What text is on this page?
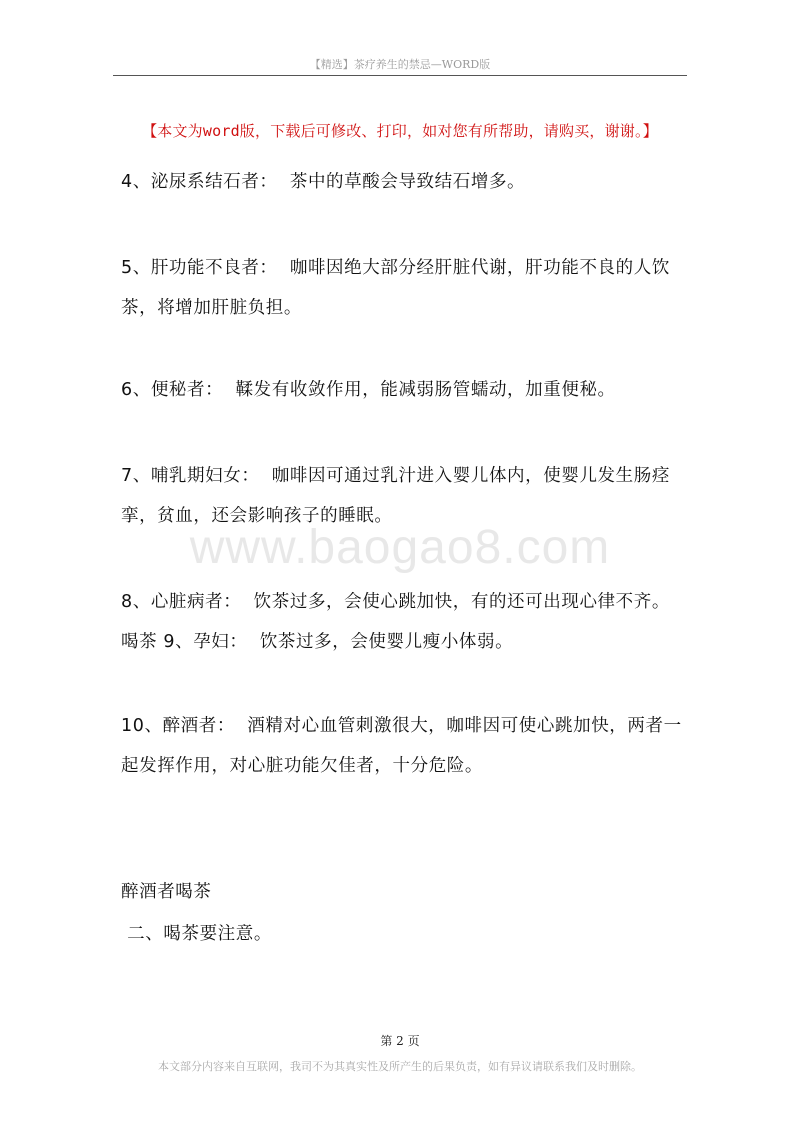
【精选】茶疗养生的禁忌—WORD版
【本文为word版，下载后可修改、打印，如对您有所帮助，请购买，谢谢。】
4、泌尿系结石者：  茶中的草酸会导致结石增多。
5、肝功能不良者：  咖啡因绝大部分经肝脏代谢，肝功能不良的人饮茶，将增加肝脏负担。
6、便秘者：  鞣发有收敛作用，能减弱肠管蠕动，加重便秘。
7、哺乳期妇女：  咖啡因可通过乳汁进入婴儿体内，使婴儿发生肠痉挛，贫血，还会影响孩子的睡眠。
www.baogao8.com
8、心脏病者：  饮茶过多，会使心跳加快，有的还可出现心律不齐。喝茶 9、孕妇：  饮茶过多，会使婴儿瘦小体弱。
10、醉酒者：  酒精对心血管刺激很大，咖啡因可使心跳加快，两者一起发挥作用，对心脏功能欠佳者，十分危险。
醉酒者喝茶
二、喝茶要注意。
第 2 页
本文部分内容来自互联网，我司不为其真实性及所产生的后果负责，如有异议请联系我们及时删除。
